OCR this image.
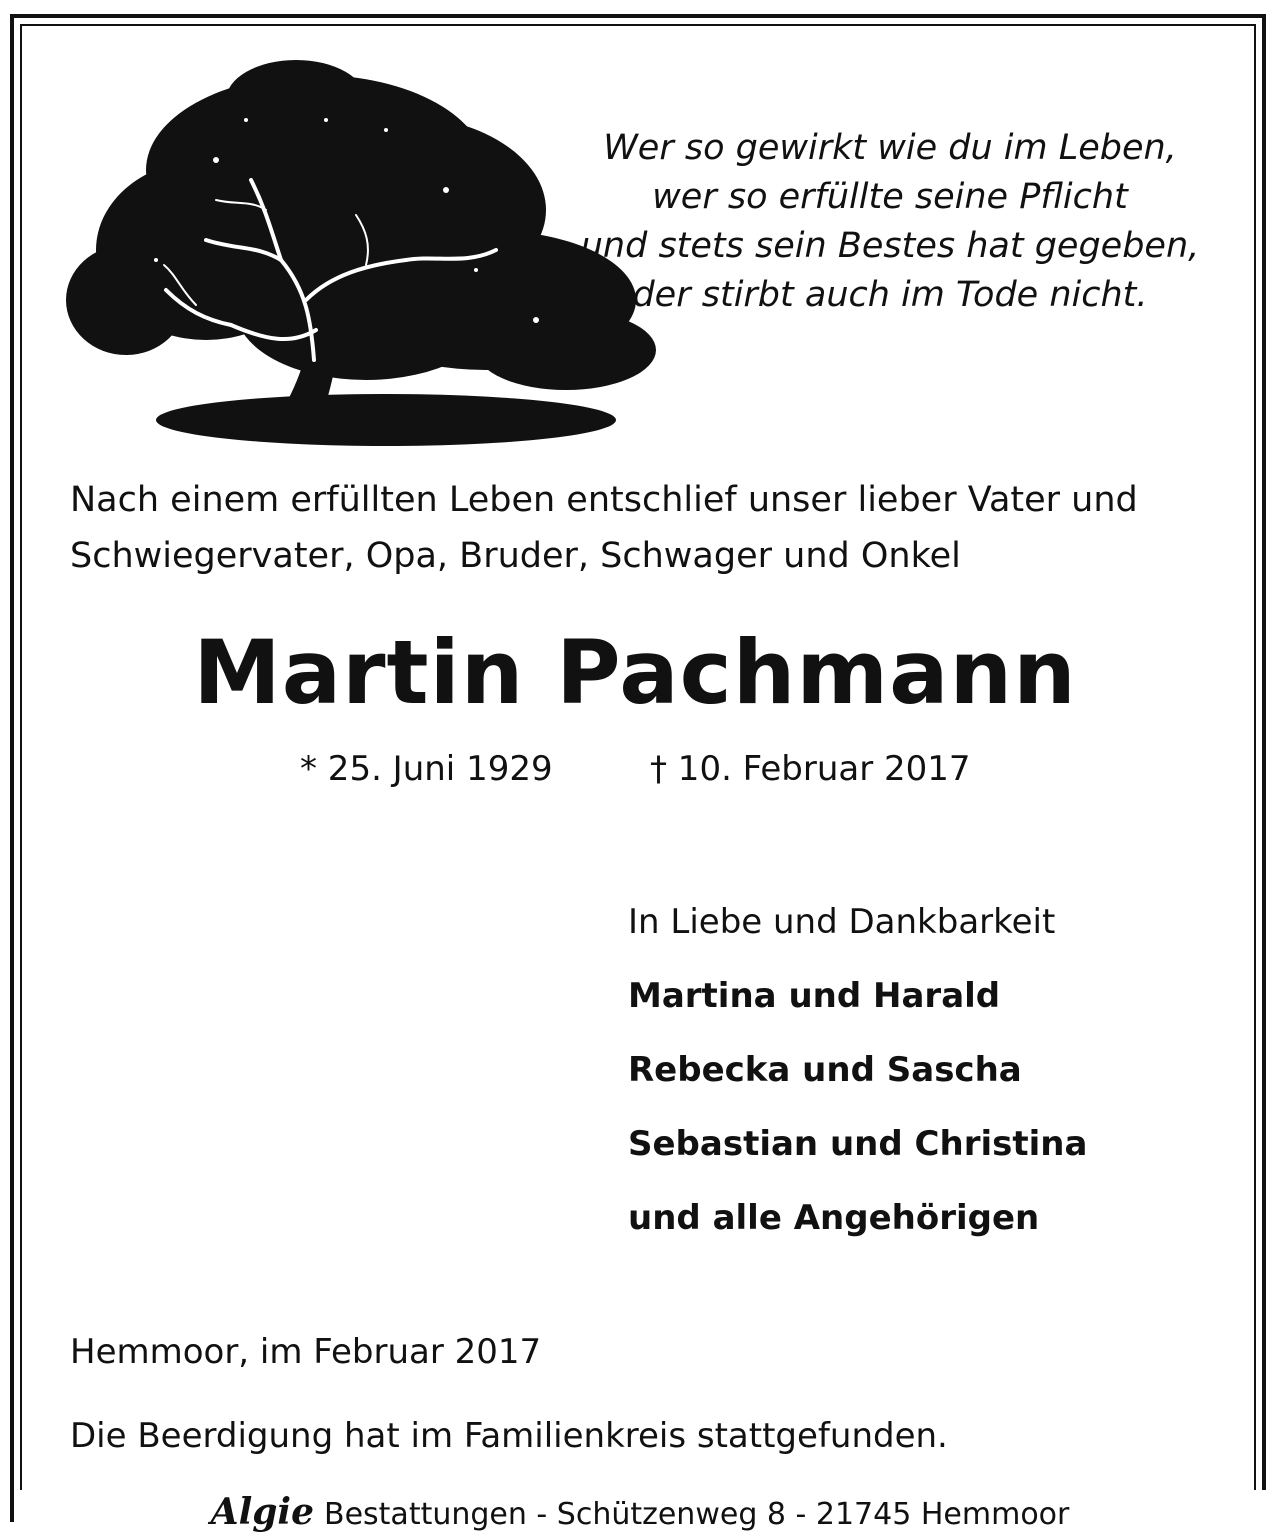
Wer so gewirkt wie du im Leben,
wer so erfüllte seine Pflicht
und stets sein Bestes hat gegeben,
der stirbt auch im Tode nicht.
Nach einem erfüllten Leben entschlief unser lieber Vater und
Schwiegervater, Opa, Bruder, Schwager und Onkel
Martin Pachmann
* 25. Juni 1929	† 10. Februar 2017
In Liebe und Dankbarkeit
Martina und Harald
Rebecka und Sascha
Sebastian und Christina
und alle Angehörigen
Hemmoor, im Februar 2017
Die Beerdigung hat im Familienkreis stattgefunden.
Algie Bestattungen - Schützenweg 8 - 21745 Hemmoor
